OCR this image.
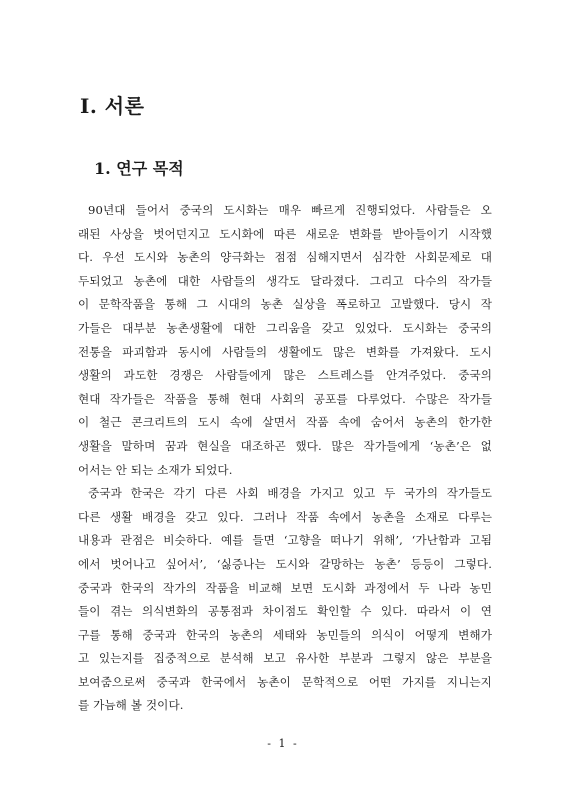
Ⅰ. 서론
1. 연구 목적
90년대 들어서 중국의 도시화는 매우 빠르게 진행되었다. 사람들은 오
래된 사상을 벗어던지고 도시화에 따른 새로운 변화를 받아들이기 시작했
다. 우선 도시와 농촌의 양극화는 점점 심해지면서 심각한 사회문제로 대
두되었고 농촌에 대한 사람들의 생각도 달라졌다. 그리고 다수의 작가들
이 문학작품을 통해 그 시대의 농촌 실상을 폭로하고 고발했다. 당시 작
가들은 대부분 농촌생활에 대한 그리움을 갖고 있었다. 도시화는 중국의
전통을 파괴함과 동시에 사람들의 생활에도 많은 변화를 가져왔다. 도시
생활의 과도한 경쟁은 사람들에게 많은 스트레스를 안겨주었다. 중국의
현대 작가들은 작품을 통해 현대 사회의 공포를 다루었다. 수많은 작가들
이 철근 콘크리트의 도시 속에 살면서 작품 속에 숨어서 농촌의 한가한
생활을 말하며 꿈과 현실을 대조하곤 했다. 많은 작가들에게 ‘농촌’은 없
어서는 안 되는 소재가 되었다.
중국과 한국은 각기 다른 사회 배경을 가지고 있고 두 국가의 작가들도
다른 생활 배경을 갖고 있다. 그러나 작품 속에서 농촌을 소재로 다루는
내용과 관점은 비슷하다. 예를 들면 ‘고향을 떠나기 위해’, ‘가난함과 고됨
에서 벗어나고 싶어서’, ‘싫증나는 도시와 갈망하는 농촌’ 등등이 그렇다.
중국과 한국의 작가의 작품을 비교해 보면 도시화 과정에서 두 나라 농민
들이 겪는 의식변화의 공통점과 차이점도 확인할 수 있다. 따라서 이 연
구를 통해 중국과 한국의 농촌의 세태와 농민들의 의식이 어떻게 변해가
고 있는지를 집중적으로 분석해 보고 유사한 부분과 그렇지 않은 부분을
보여줌으로써 중국과 한국에서 농촌이 문학적으로 어떤 가지를 지니는지
를 가늠해 볼 것이다.
- 1 -
